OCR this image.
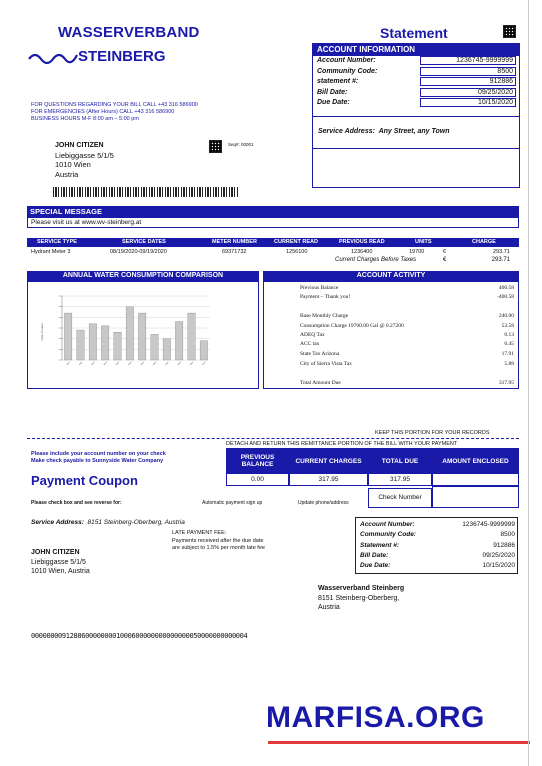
WASSERVERBAND
STEINBERG
Statement
ACCOUNT INFORMATION
Account Number:	1236745-9999999
Community Code:	8500
statement #:	912886
Bill Date:	09/25/2020
Due Date:	10/15/2020
Service Address: Any Street, any Town
FOR QUESTIONS REGARDING YOUR BILL CALL +43 316 586900
FOR EMERGENCIES (After Hours) CALL +43 316 586900
BUSINESS HOURS M-F 8:00 am – 5:00 pm
JOHN CITIZEN
Liebiggasse 5/1/5
1010 Wien
Austria
Seq#: 00001
SPECIAL MESSAGE
Please visit us at www.wv-steinberg.at
SERVICE TYPE	SERVICE DATES	METER NUMBER	CURRENT READ	PREVIOUS READ	UNITS	CHARGE
Hydrant Meter 3	08/19/2020-09/19/2020	69371732	1256100	1236400	19700	€	293.71
Current Charges Before Taxes	€	293.71
ANNUAL WATER CONSUMPTION COMPARISON
units of water
ACCOUNT ACTIVITY
Previous Balance	400.58
Payment – Thank you!	-400.58
Base Monthly Charge	240.00
Consumption Charge 19700.00 Gal @ 0.27200	53.58
ADEQ Tax	0.13
ACC tax	0.45
State Tax Arizona	17.91
City of Sierra Vista Tax	5.88
Total Amount Due	317.95
KEEP THIS PORTION FOR YOUR RECORDS
DETACH AND RETURN THIS REMITTANCE PORTION OF THE BILL WITH YOUR PAYMENT
Please include your account number on your check
Make check payable to Sunnyside Water Company
Payment Coupon
PREVIOUS BALANCE	CURRENT CHARGES	TOTAL DUE	AMOUNT ENCLOSED
0.00	317.95	317.95
Please check box and see reverse for:	Automatic payment sign up	Update phone/address
Check Number
Service Address: 8151 Steinberg-Oberberg, Austria
LATE PAYMENT FEE:
Payments received after the due date
are subject to 1.5% per month late fee
JOHN CITIZEN
Liebiggasse 5/1/5
1010 Wien, Austria
Account Number:	1236745-9999999
Community Code:	8500
Statement #:	912886
Bill Date:	09/25/2020
Due Date:	10/15/2020
Wasserverband Steinberg
8151 Steinberg-Oberberg,
Austria
00000000912886000000001000600000000000000050000000000004
MARFISA.ORG
